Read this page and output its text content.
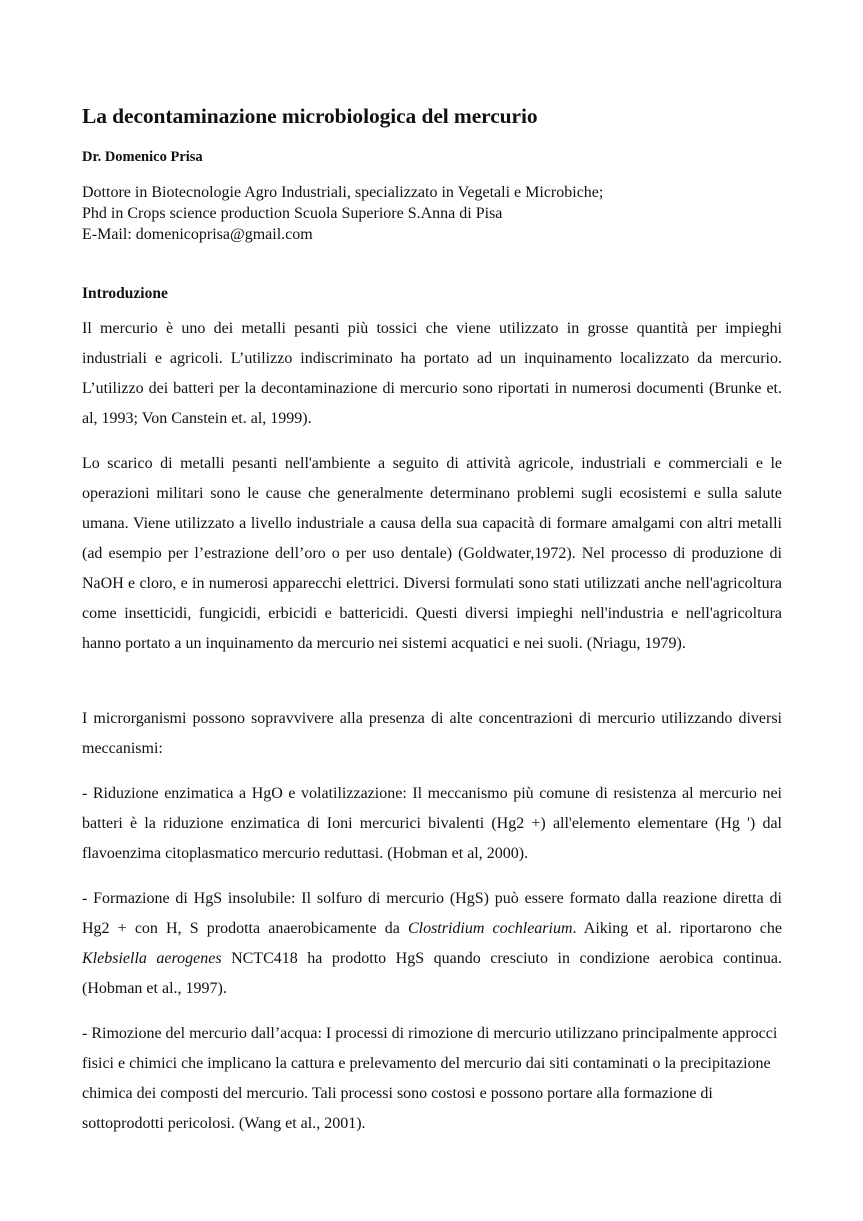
La decontaminazione microbiologica del mercurio

Dr. Domenico Prisa

Dottore in Biotecnologie Agro Industriali, specializzato in Vegetali e Microbiche;
Phd in Crops science production Scuola Superiore S.Anna di Pisa
E-Mail: domenicoprisa@gmail.com

Introduzione

Il mercurio è uno dei metalli pesanti più tossici che viene utilizzato in grosse quantità per impieghi industriali e agricoli. L’utilizzo indiscriminato ha portato ad un inquinamento localizzato da mercurio. L’utilizzo dei batteri per la decontaminazione di mercurio sono riportati in numerosi documenti (Brunke et. al, 1993; Von Canstein et. al, 1999).

Lo scarico di metalli pesanti nell'ambiente a seguito di attività agricole, industriali e commerciali e le operazioni militari sono le cause che generalmente determinano problemi sugli ecosistemi e sulla salute umana. Viene utilizzato a livello industriale a causa della sua capacità di formare amalgami con altri metalli (ad esempio per l’estrazione dell’oro o per uso dentale) (Goldwater,1972). Nel processo di produzione di NaOH e cloro, e in numerosi apparecchi elettrici. Diversi formulati sono stati utilizzati anche nell'agricoltura come insetticidi, fungicidi, erbicidi e battericidi. Questi diversi impieghi nell'industria e nell'agricoltura hanno portato a un inquinamento da mercurio nei sistemi acquatici e nei suoli. (Nriagu, 1979).

I microrganismi possono sopravvivere alla presenza di alte concentrazioni di mercurio utilizzando diversi meccanismi:

- Riduzione enzimatica a HgO e volatilizzazione: Il meccanismo più comune di resistenza al mercurio nei batteri è la riduzione enzimatica di Ioni mercurici bivalenti (Hg2 +) all'elemento elementare (Hg ') dal flavoenzima citoplasmatico mercurio reduttasi. (Hobman et al, 2000).

- Formazione di HgS insolubile: Il solfuro di mercurio (HgS) può essere formato dalla reazione diretta di Hg2 + con H, S prodotta anaerobicamente da Clostridium cochlearium. Aiking et al. riportarono che Klebsiella aerogenes NCTC418 ha prodotto HgS quando cresciuto in condizione aerobica continua. (Hobman et al., 1997).

- Rimozione del mercurio dall’acqua: I processi di rimozione di mercurio utilizzano principalmente approcci fisici e chimici che implicano la cattura e prelevamento del mercurio dai siti contaminati o la precipitazione chimica dei composti del mercurio. Tali processi sono costosi e possono portare alla formazione di sottoprodotti pericolosi. (Wang et al., 2001).
